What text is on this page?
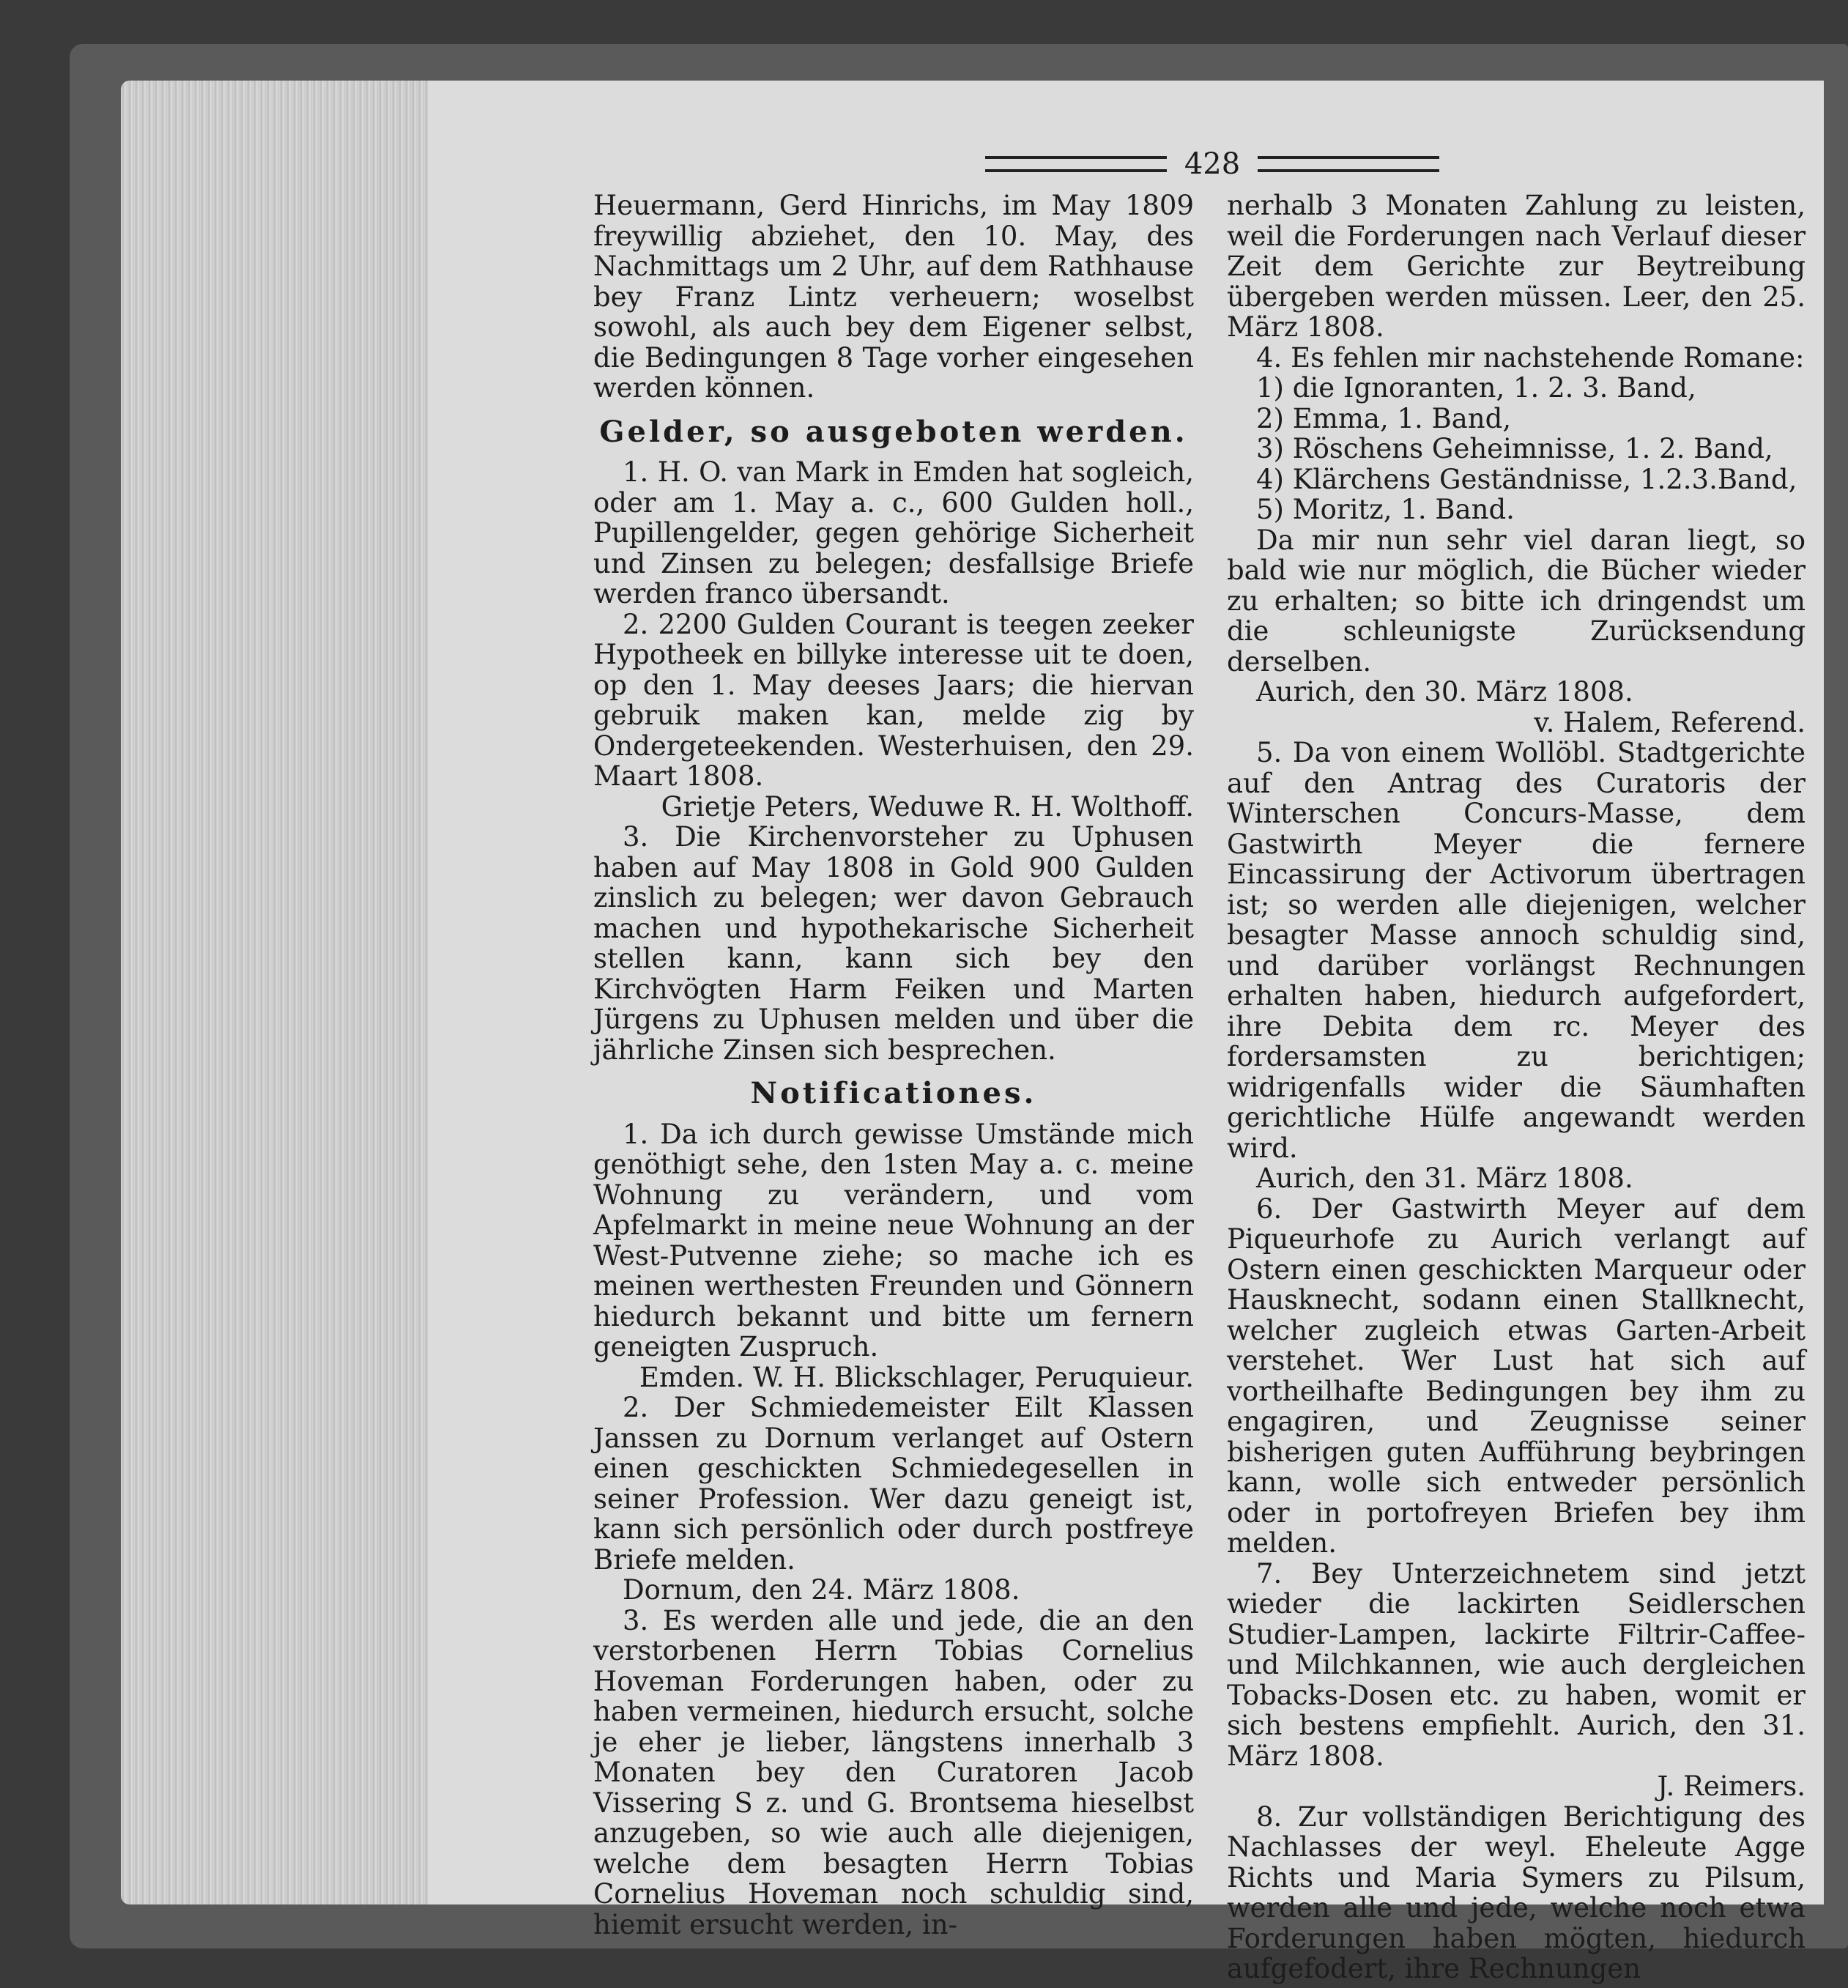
428
Heuermann, Gerd Hinrichs, im May 1809 freywillig abziehet, den 10. May, des Nachmittags um 2 Uhr, auf dem Rathhause bey Franz Lintz verheuern; woselbst sowohl, als auch bey dem Eigener selbst, die Bedingungen 8 Tage vorher eingesehen werden können.
Gelder, so ausgeboten werden.
1. H. O. van Mark in Emden hat sogleich, oder am 1. May a. c., 600 Gulden holl., Pupillengelder, gegen gehörige Sicherheit und Zinsen zu belegen; desfallsige Briefe werden franco übersandt.
2. 2200 Gulden Courant is teegen zeeker Hypotheek en billyke interesse uit te doen, op den 1. May deeses Jaars; die hiervan gebruik maken kan, melde zig by Ondergeteekenden. Westerhuisen, den 29. Maart 1808.
Grietje Peters, Weduwe R. H. Wolthoff.
3. Die Kirchenvorsteher zu Uphusen haben auf May 1808 in Gold 900 Gulden zinslich zu belegen; wer davon Gebrauch machen und hypothekarische Sicherheit stellen kann, kann sich bey den Kirchvögten Harm Feiken und Marten Jürgens zu Uphusen melden und über die jährliche Zinsen sich besprechen.
Notificationes.
1. Da ich durch gewisse Umstände mich genöthigt sehe, den 1sten May a. c. meine Wohnung zu verändern, und vom Apfelmarkt in meine neue Wohnung an der West-Putvenne ziehe; so mache ich es meinen werthesten Freunden und Gönnern hiedurch bekannt und bitte um fernern geneigten Zuspruch.
Emden. W. H. Blickschlager, Peruquieur.
2. Der Schmiedemeister Eilt Klassen Janssen zu Dornum verlanget auf Ostern einen geschickten Schmiedegesellen in seiner Profession. Wer dazu geneigt ist, kann sich persönlich oder durch postfreye Briefe melden.
Dornum, den 24. März 1808.
3. Es werden alle und jede, die an den verstorbenen Herrn Tobias Cornelius Hoveman Forderungen haben, oder zu haben vermeinen, hiedurch ersucht, solche je eher je lieber, längstens innerhalb 3 Monaten bey den Curatoren Jacob Vissering S z. und G. Brontsema hieselbst anzugeben, so wie auch alle diejenigen, welche dem besagten Herrn Tobias Cornelius Hoveman noch schuldig sind, hiemit ersucht werden, in-
nerhalb 3 Monaten Zahlung zu leisten, weil die Forderungen nach Verlauf dieser Zeit dem Gerichte zur Beytreibung übergeben werden müssen. Leer, den 25. März 1808.
4. Es fehlen mir nachstehende Romane:
1) die Ignoranten, 1. 2. 3. Band,
2) Emma, 1. Band,
3) Röschens Geheimnisse, 1. 2. Band,
4) Klärchens Geständnisse, 1.2.3.Band,
5) Moritz, 1. Band.
Da mir nun sehr viel daran liegt, so bald wie nur möglich, die Bücher wieder zu erhalten; so bitte ich dringendst um die schleunigste Zurücksendung derselben.
Aurich, den 30. März 1808.
v. Halem, Referend.
5. Da von einem Wollöbl. Stadtgerichte auf den Antrag des Curatoris der Winterschen Concurs-Masse, dem Gastwirth Meyer die fernere Eincassirung der Activorum übertragen ist; so werden alle diejenigen, welcher besagter Masse annoch schuldig sind, und darüber vorlängst Rechnungen erhalten haben, hiedurch aufgefordert, ihre Debita dem rc. Meyer des fordersamsten zu berichtigen; widrigenfalls wider die Säumhaften gerichtliche Hülfe angewandt werden wird.
Aurich, den 31. März 1808.
6. Der Gastwirth Meyer auf dem Piqueurhofe zu Aurich verlangt auf Ostern einen geschickten Marqueur oder Hausknecht, sodann einen Stallknecht, welcher zugleich etwas Garten-Arbeit verstehet. Wer Lust hat sich auf vortheilhafte Bedingungen bey ihm zu engagiren, und Zeugnisse seiner bisherigen guten Aufführung beybringen kann, wolle sich entweder persönlich oder in portofreyen Briefen bey ihm melden.
7. Bey Unterzeichnetem sind jetzt wieder die lackirten Seidlerschen Studier-Lampen, lackirte Filtrir-Caffee- und Milchkannen, wie auch dergleichen Tobacks-Dosen etc. zu haben, womit er sich bestens empfiehlt. Aurich, den 31. März 1808.
J. Reimers.
8. Zur vollständigen Berichtigung des Nachlasses der weyl. Eheleute Agge Richts und Maria Symers zu Pilsum, werden alle und jede, welche noch etwa Forderungen haben mögten, hiedurch aufgefodert, ihre Rechnungen
